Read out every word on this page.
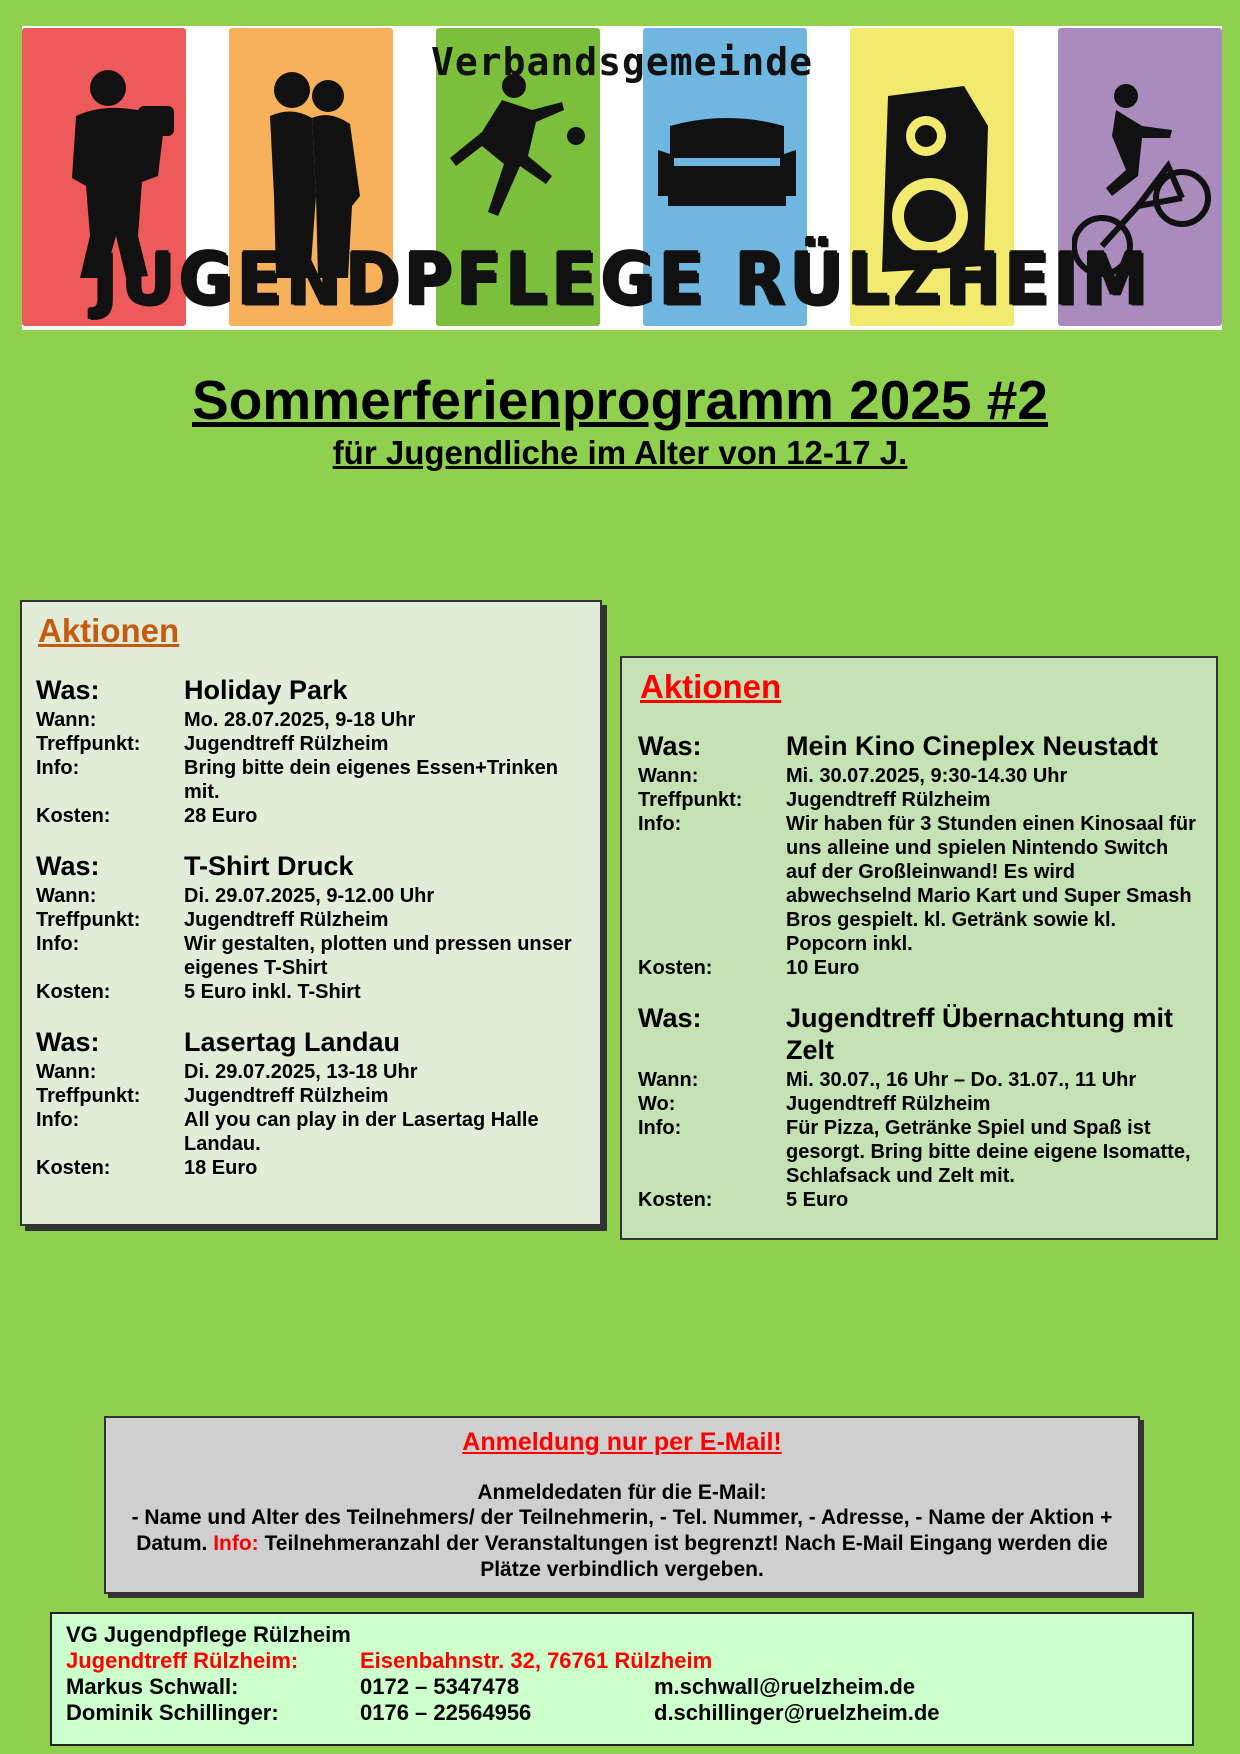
Verbandsgemeinde
JUGENDPFLEGE RÜLZHEIM
Sommerferienprogramm 2025 #2
für Jugendliche im Alter von 12-17 J.
Aktionen
Was:	Holiday Park
Wann:	Mo. 28.07.2025, 9-18 Uhr
Treffpunkt:	Jugendtreff Rülzheim
Info:	Bring bitte dein eigenes Essen+Trinken mit.
Kosten:	28 Euro
Was:	T-Shirt Druck
Wann:	Di. 29.07.2025, 9-12.00 Uhr
Treffpunkt:	Jugendtreff Rülzheim
Info:	Wir gestalten, plotten und pressen unser eigenes T-Shirt
Kosten:	5 Euro inkl. T-Shirt
Was:	Lasertag Landau
Wann:	Di. 29.07.2025, 13-18 Uhr
Treffpunkt:	Jugendtreff Rülzheim
Info:	All you can play in der Lasertag Halle Landau.
Kosten:	18 Euro
Aktionen
Was:	Mein Kino Cineplex Neustadt
Wann:	Mi. 30.07.2025, 9:30-14.30 Uhr
Treffpunkt:	Jugendtreff Rülzheim
Info:	Wir haben für 3 Stunden einen Kinosaal für uns alleine und spielen Nintendo Switch auf der Großleinwand! Es wird abwechselnd Mario Kart und Super Smash Bros gespielt. kl. Getränk sowie kl. Popcorn inkl.
Kosten:	10 Euro
Was:	Jugendtreff Übernachtung mit Zelt
Wann:	Mi. 30.07., 16 Uhr – Do. 31.07., 11 Uhr
Wo:	Jugendtreff Rülzheim
Info:	Für Pizza, Getränke Spiel und Spaß ist gesorgt. Bring bitte deine eigene Isomatte, Schlafsack und Zelt mit.
Kosten:	5 Euro
Anmeldung nur per E-Mail!
Anmeldedaten für die E-Mail:
- Name und Alter des Teilnehmers/ der Teilnehmerin, - Tel. Nummer, - Adresse, - Name der Aktion + Datum. Info: Teilnehmeranzahl der Veranstaltungen ist begrenzt! Nach E-Mail Eingang werden die Plätze verbindlich vergeben.
VG Jugendpflege Rülzheim
Jugendtreff Rülzheim:	Eisenbahnstr. 32, 76761 Rülzheim
Markus Schwall:	0172 – 5347478	m.schwall@ruelzheim.de
Dominik Schillinger:	0176 – 22564956	d.schillinger@ruelzheim.de
